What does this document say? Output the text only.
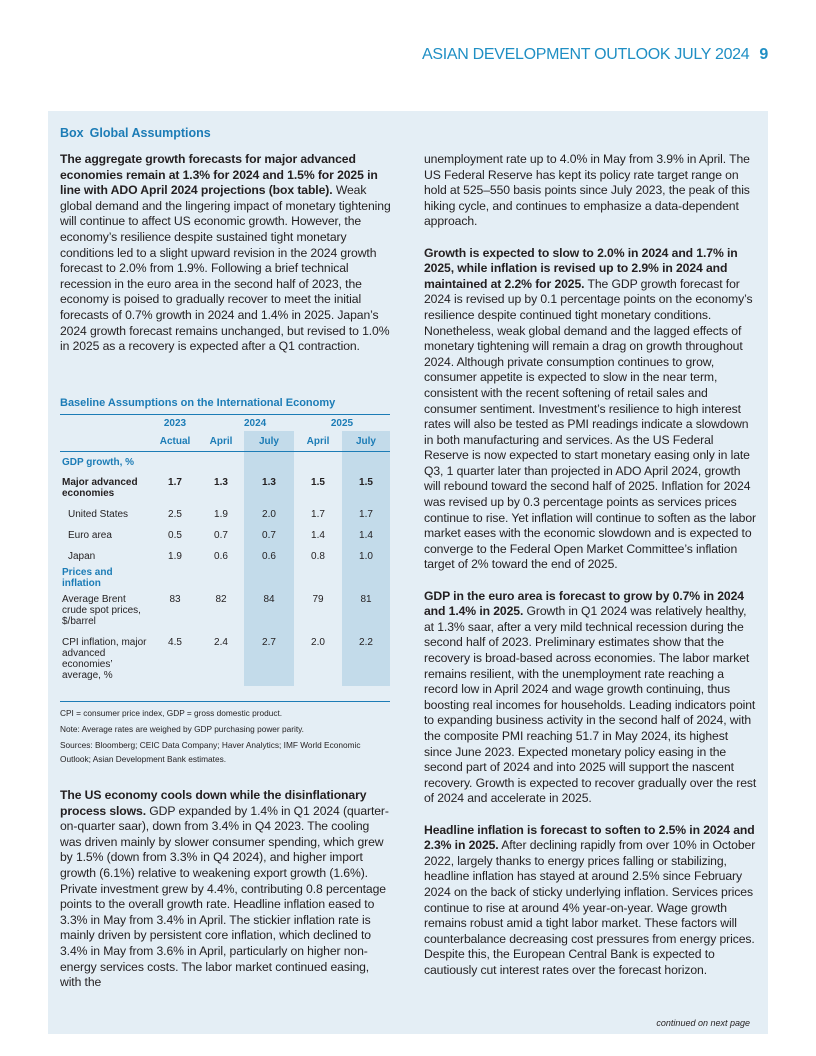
ASIAN DEVELOPMENT OUTLOOK JULY 2024 9
Box Global Assumptions

The aggregate growth forecasts for major advanced economies remain at 1.3% for 2024 and 1.5% for 2025 in line with ADO April 2024 projections (box table). Weak global demand and the lingering impact of monetary tightening will continue to affect US economic growth. However, the economy’s resilience despite sustained tight monetary conditions led to a slight upward revision in the 2024 growth forecast to 2.0% from 1.9%. Following a brief technical recession in the euro area in the second half of 2023, the economy is poised to gradually recover to meet the initial forecasts of 0.7% growth in 2024 and 1.4% in 2025. Japan’s 2024 growth forecast remains unchanged, but revised to 1.0% in 2025 as a recovery is expected after a Q1 contraction.

Baseline Assumptions on the International Economy
	2023	2024		2025	
	Actual	April	July	April	July
GDP growth, %					
Major advanced economies	1.7	1.3	1.3	1.5	1.5
United States	2.5	1.9	2.0	1.7	1.7
Euro area	0.5	0.7	0.7	1.4	1.4
Japan	1.9	0.6	0.6	0.8	1.0
Prices and inflation					
Average Brent crude spot prices, $/barrel	83	82	84	79	81
CPI inflation, major advanced economies’ average, %	4.5	2.4	2.7	2.0	2.2
CPI = consumer price index, GDP = gross domestic product.
Note: Average rates are weighed by GDP purchasing power parity.
Sources: Bloomberg; CEIC Data Company; Haver Analytics; IMF World Economic Outlook; Asian Development Bank estimates.

The US economy cools down while the disinflationary process slows. GDP expanded by 1.4% in Q1 2024 (quarter-on-quarter saar), down from 3.4% in Q4 2023. The cooling was driven mainly by slower consumer spending, which grew by 1.5% (down from 3.3% in Q4 2024), and higher import growth (6.1%) relative to weakening export growth (1.6%). Private investment grew by 4.4%, contributing 0.8 percentage points to the overall growth rate. Headline inflation eased to 3.3% in May from 3.4% in April. The stickier inflation rate is mainly driven by persistent core inflation, which declined to 3.4% in May from 3.6% in April, particularly on higher non-energy services costs. The labor market continued easing, with the

unemployment rate up to 4.0% in May from 3.9% in April. The US Federal Reserve has kept its policy rate target range on hold at 525–550 basis points since July 2023, the peak of this hiking cycle, and continues to emphasize a data-dependent approach.

Growth is expected to slow to 2.0% in 2024 and 1.7% in 2025, while inflation is revised up to 2.9% in 2024 and maintained at 2.2% for 2025. The GDP growth forecast for 2024 is revised up by 0.1 percentage points on the economy’s resilience despite continued tight monetary conditions. Nonetheless, weak global demand and the lagged effects of monetary tightening will remain a drag on growth throughout 2024. Although private consumption continues to grow, consumer appetite is expected to slow in the near term, consistent with the recent softening of retail sales and consumer sentiment. Investment’s resilience to high interest rates will also be tested as PMI readings indicate a slowdown in both manufacturing and services. As the US Federal Reserve is now expected to start monetary easing only in late Q3, 1 quarter later than projected in ADO April 2024, growth will rebound toward the second half of 2025. Inflation for 2024 was revised up by 0.3 percentage points as services prices continue to rise. Yet inflation will continue to soften as the labor market eases with the economic slowdown and is expected to converge to the Federal Open Market Committee’s inflation target of 2% toward the end of 2025.

GDP in the euro area is forecast to grow by 0.7% in 2024 and 1.4% in 2025. Growth in Q1 2024 was relatively healthy, at 1.3% saar, after a very mild technical recession during the second half of 2023. Preliminary estimates show that the recovery is broad-based across economies. The labor market remains resilient, with the unemployment rate reaching a record low in April 2024 and wage growth continuing, thus boosting real incomes for households. Leading indicators point to expanding business activity in the second half of 2024, with the composite PMI reaching 51.7 in May 2024, its highest since June 2023. Expected monetary policy easing in the second part of 2024 and into 2025 will support the nascent recovery. Growth is expected to recover gradually over the rest of 2024 and accelerate in 2025.

Headline inflation is forecast to soften to 2.5% in 2024 and 2.3% in 2025. After declining rapidly from over 10% in October 2022, largely thanks to energy prices falling or stabilizing, headline inflation has stayed at around 2.5% since February 2024 on the back of sticky underlying inflation. Services prices continue to rise at around 4% year-on-year. Wage growth remains robust amid a tight labor market. These factors will counterbalance decreasing cost pressures from energy prices. Despite this, the European Central Bank is expected to cautiously cut interest rates over the forecast horizon.

continued on next page
